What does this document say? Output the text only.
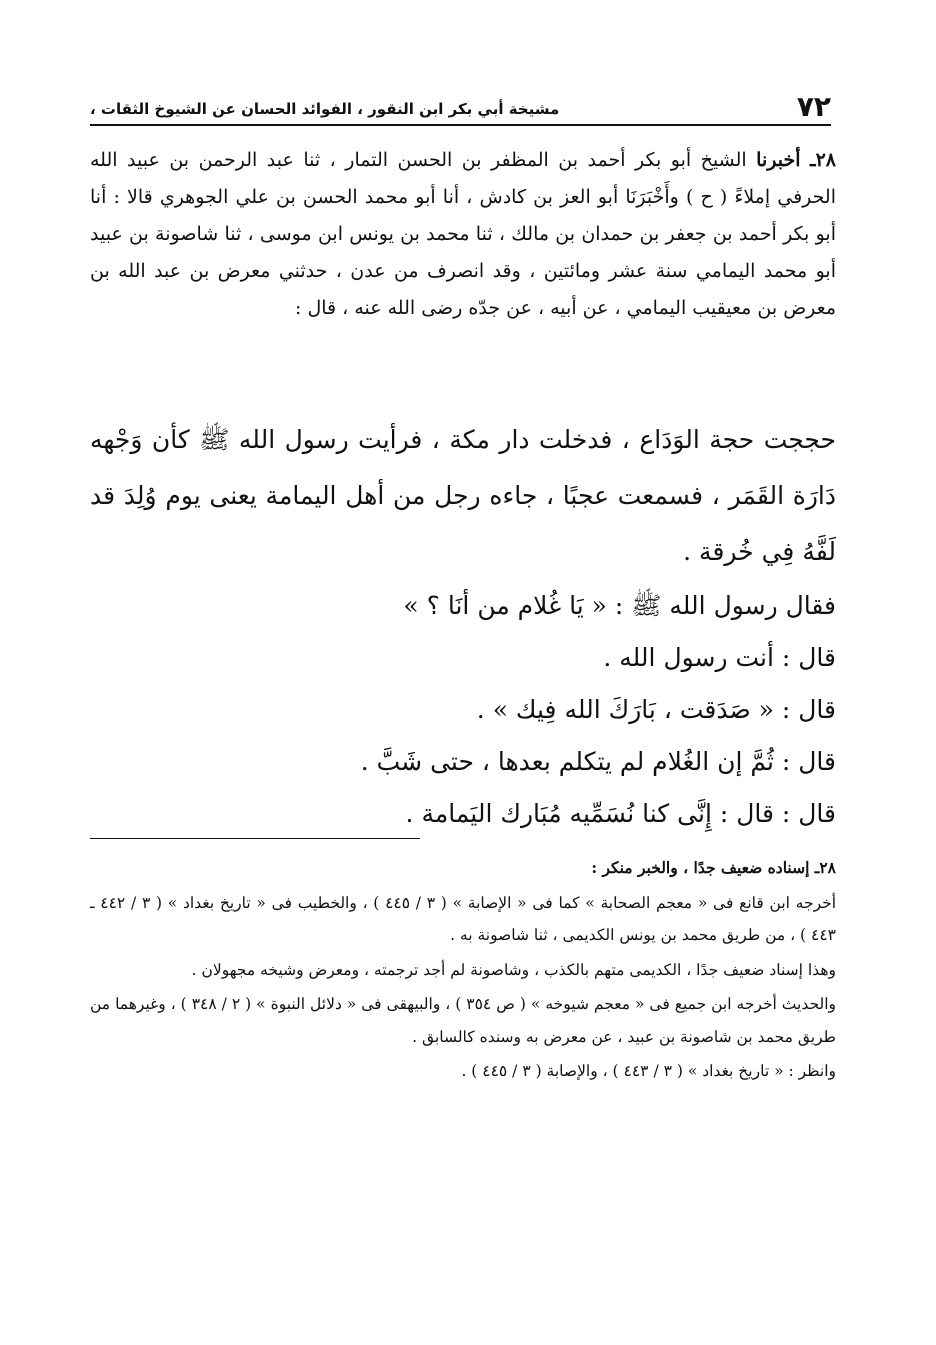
٧٢
مشيخة أبي بكر ابن النقور ، الفوائد الحسان عن الشيوخ الثقات ،

٢٨ـ أخبرنا الشيخ أبو بكر أحمد بن المظفر بن الحسن التمار ، ثنا عبد الرحمن بن عبيد الله الحرفي إملاءً ( ح ) وأَخْبَرَنَا أبو العز بن كادش ، أنا أبو محمد الحسن بن علي الجوهري قالا : أنا أبو بكر أحمد بن جعفر بن حمدان بن مالك ، ثنا محمد بن يونس ابن موسى ، ثنا شاصونة بن عبيد أبو محمد اليمامي سنة عشر ومائتين ، وقد انصرف من عدن ، حدثني معرض بن عبد الله بن معرض بن معيقيب اليمامي ، عن أبيه ، عن جدّه رضى الله عنه ، قال :

حججت حجة الوَدَاع ، فدخلت دار مكة ، فرأيت رسول الله ﷺ كأن وَجْهه دَارَة القَمَر ، فسمعت عجبًا ، جاءه رجل من أهل اليمامة يعنى يوم وُلِدَ قد لَفَّهُ فِي خُرقة .

فقال رسول الله ﷺ : « يَا غُلام من أنَا ؟ »

قال : أنت رسول الله .

قال : « صَدَقت ، بَارَكَ الله فِيك » .

قال : ثُمَّ إن الغُلام لم يتكلم بعدها ، حتى شَبَّ .

قال : قال : إِنَّى كنا نُسَمِّيه مُبَارك اليَمامة .

٢٨ـ إسناده ضعيف جدًا ، والخبر منكر :

أخرجه ابن قانع فى « معجم الصحابة » كما فى « الإصابة » ( ٣ / ٤٤٥ ) ، والخطيب فى « تاريخ بغداد » ( ٣ / ٤٤٢ ـ ٤٤٣ ) ، من طريق محمد بن يونس الكديمى ، ثنا شاصونة به .

وهذا إسناد ضعيف جدًا ، الكديمى متهم بالكذب ، وشاصونة لم أجد ترجمته ، ومعرض وشيخه مجهولان .

والحديث أخرجه ابن جميع فى « معجم شيوخه » ( ص ٣٥٤ ) ، والبيهقى فى « دلائل النبوة » ( ٢ / ٣٤٨ ) ، وغيرهما من طريق محمد بن شاصونة بن عبيد ، عن معرض به وسنده كالسابق .

وانظر : « تاريخ بغداد » ( ٣ / ٤٤٣ ) ، والإصابة ( ٣ / ٤٤٥ ) .
